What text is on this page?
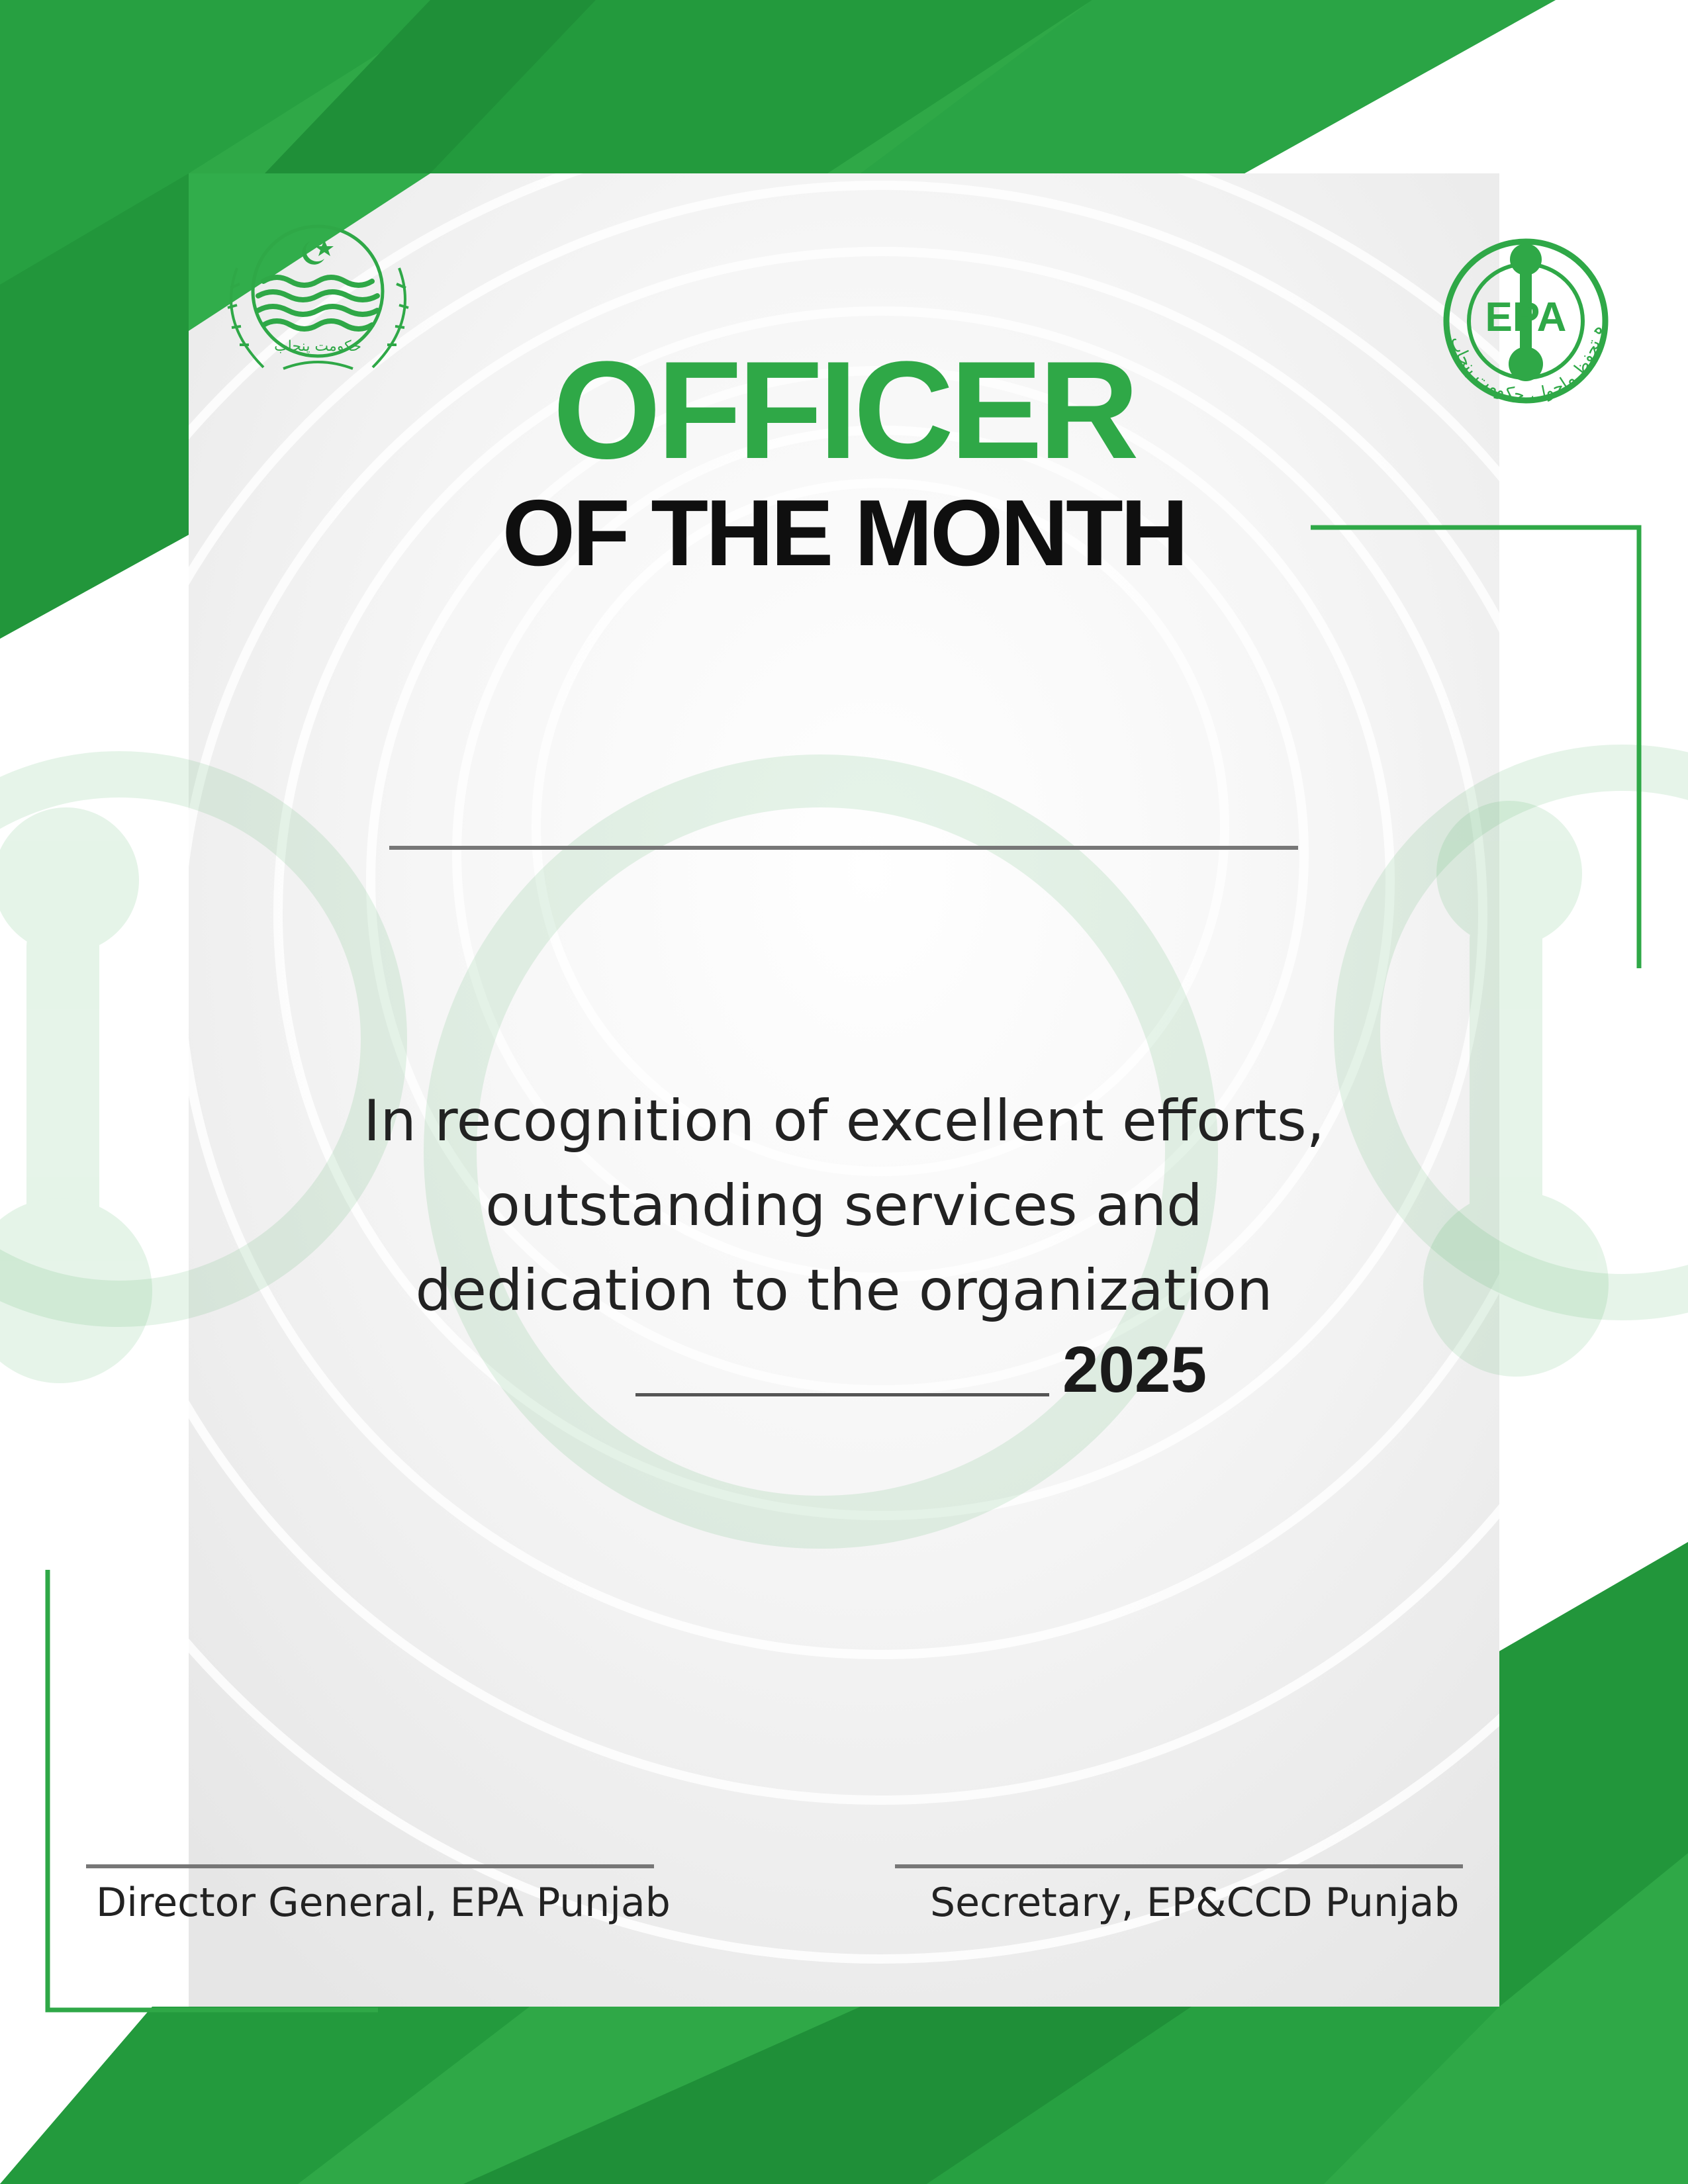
حکومت پنجاب
EPA	ہ تحفظ ماحول، حکومت پنجاب
OFFICER
OF THE MONTH
In recognition of excellent efforts,
outstanding services and
dedication to the organization
2025
Director General, EPA Punjab	Secretary, EP&CCD Punjab
